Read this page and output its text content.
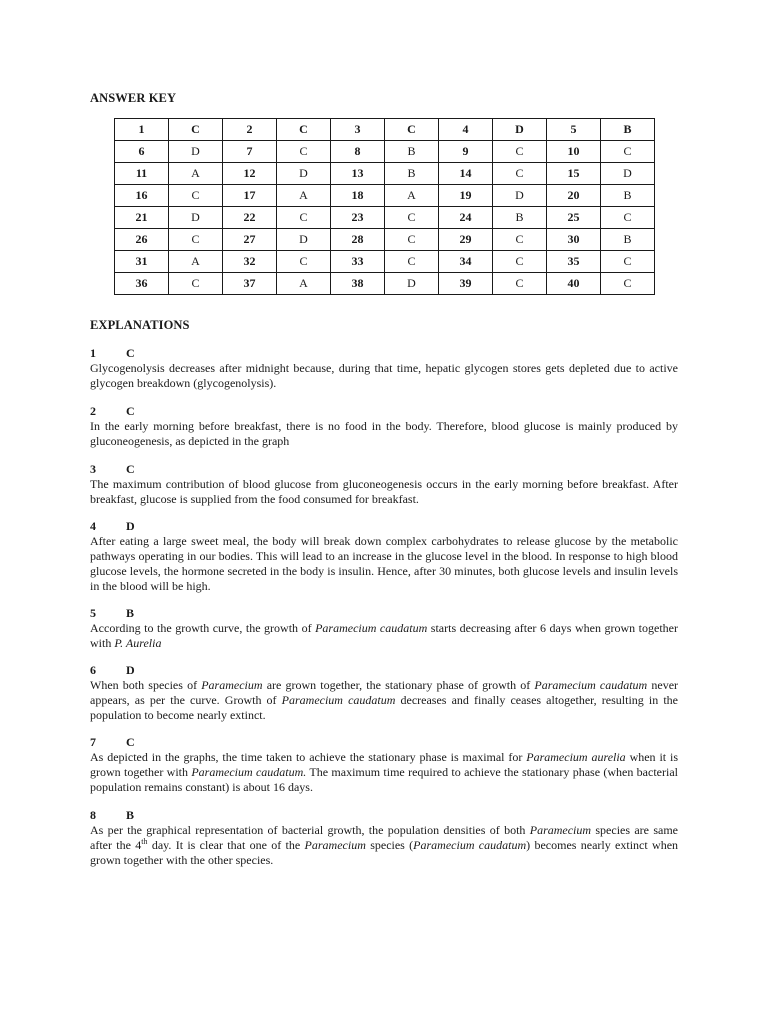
ANSWER KEY
1	C	2	C	3	C	4	D	5	B
6	D	7	C	8	B	9	C	10	C
11	A	12	D	13	B	14	C	15	D
16	C	17	A	18	A	19	D	20	B
21	D	22	C	23	C	24	B	25	C
26	C	27	D	28	C	29	C	30	B
31	A	32	C	33	C	34	C	35	C
36	C	37	A	38	D	39	C	40	C
EXPLANATIONS
1	C

Glycogenolysis decreases after midnight because, during that time, hepatic glycogen stores gets depleted due to active glycogen breakdown (glycogenolysis).

2	C

In the early morning before breakfast, there is no food in the body. Therefore, blood glucose is mainly produced by gluconeogenesis, as depicted in the graph

3	C

The maximum contribution of blood glucose from gluconeogenesis occurs in the early morning before breakfast. After breakfast, glucose is supplied from the food consumed for breakfast.

4	D

After eating a large sweet meal, the body will break down complex carbohydrates to release glucose by the metabolic pathways operating in our bodies. This will lead to an increase in the glucose level in the blood. In response to high blood glucose levels, the hormone secreted in the body is insulin. Hence, after 30 minutes, both glucose levels and insulin levels in the blood will be high.

5	B

According to the growth curve, the growth of Paramecium caudatum starts decreasing after 6 days when grown together with P. Aurelia

6	D

When both species of Paramecium are grown together, the stationary phase of growth of Paramecium caudatum never appears, as per the curve. Growth of Paramecium caudatum decreases and finally ceases altogether, resulting in the population to become nearly extinct.

7	C

As depicted in the graphs, the time taken to achieve the stationary phase is maximal for Paramecium aurelia when it is grown together with Paramecium caudatum. The maximum time required to achieve the stationary phase (when bacterial population remains constant) is about 16 days.

8	B

As per the graphical representation of bacterial growth, the population densities of both Paramecium species are same after the 4th day. It is clear that one of the Paramecium species (Paramecium caudatum) becomes nearly extinct when grown together with the other species.
